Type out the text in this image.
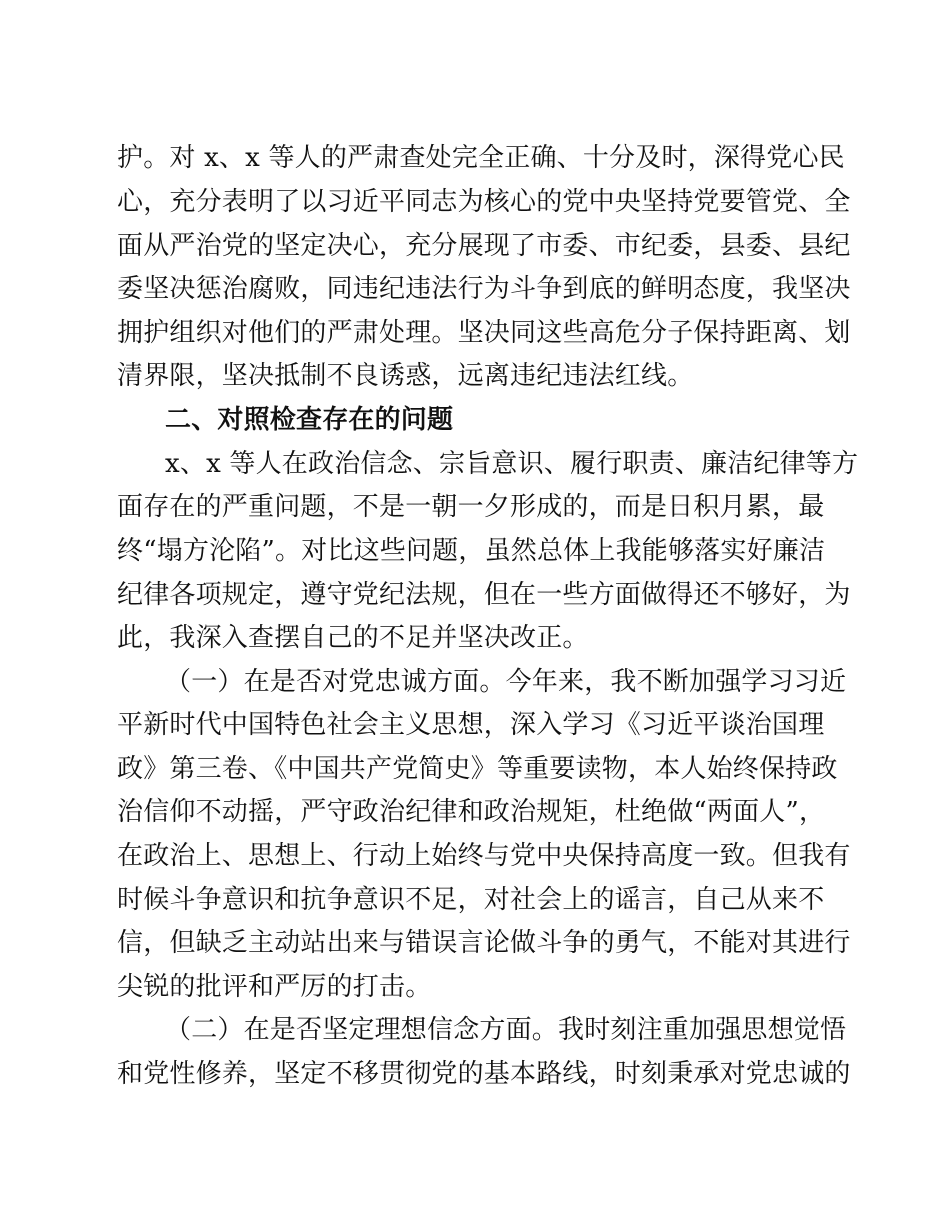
护。对 x、x 等人的严肃查处完全正确、十分及时，深得党心民
心，充分表明了以习近平同志为核心的党中央坚持党要管党、全
面从严治党的坚定决心，充分展现了市委、市纪委，县委、县纪
委坚决惩治腐败，同违纪违法行为斗争到底的鲜明态度，我坚决
拥护组织对他们的严肃处理。坚决同这些高危分子保持距离、划
清界限，坚决抵制不良诱惑，远离违纪违法红线。
二、对照检查存在的问题
x、x 等人在政治信念、宗旨意识、履行职责、廉洁纪律等方
面存在的严重问题，不是一朝一夕形成的，而是日积月累，最
终“塌方沦陷”。对比这些问题，虽然总体上我能够落实好廉洁
纪律各项规定，遵守党纪法规，但在一些方面做得还不够好，为
此，我深入查摆自己的不足并坚决改正。
（一）在是否对党忠诚方面。今年来，我不断加强学习习近
平新时代中国特色社会主义思想，深入学习《习近平谈治国理
政》第三卷、《中国共产党简史》等重要读物，本人始终保持政
治信仰不动摇，严守政治纪律和政治规矩，杜绝做“两面人”，
在政治上、思想上、行动上始终与党中央保持高度一致。但我有
时候斗争意识和抗争意识不足，对社会上的谣言，自己从来不
信，但缺乏主动站出来与错误言论做斗争的勇气，不能对其进行
尖锐的批评和严厉的打击。
（二）在是否坚定理想信念方面。我时刻注重加强思想觉悟
和党性修养，坚定不移贯彻党的基本路线，时刻秉承对党忠诚的
